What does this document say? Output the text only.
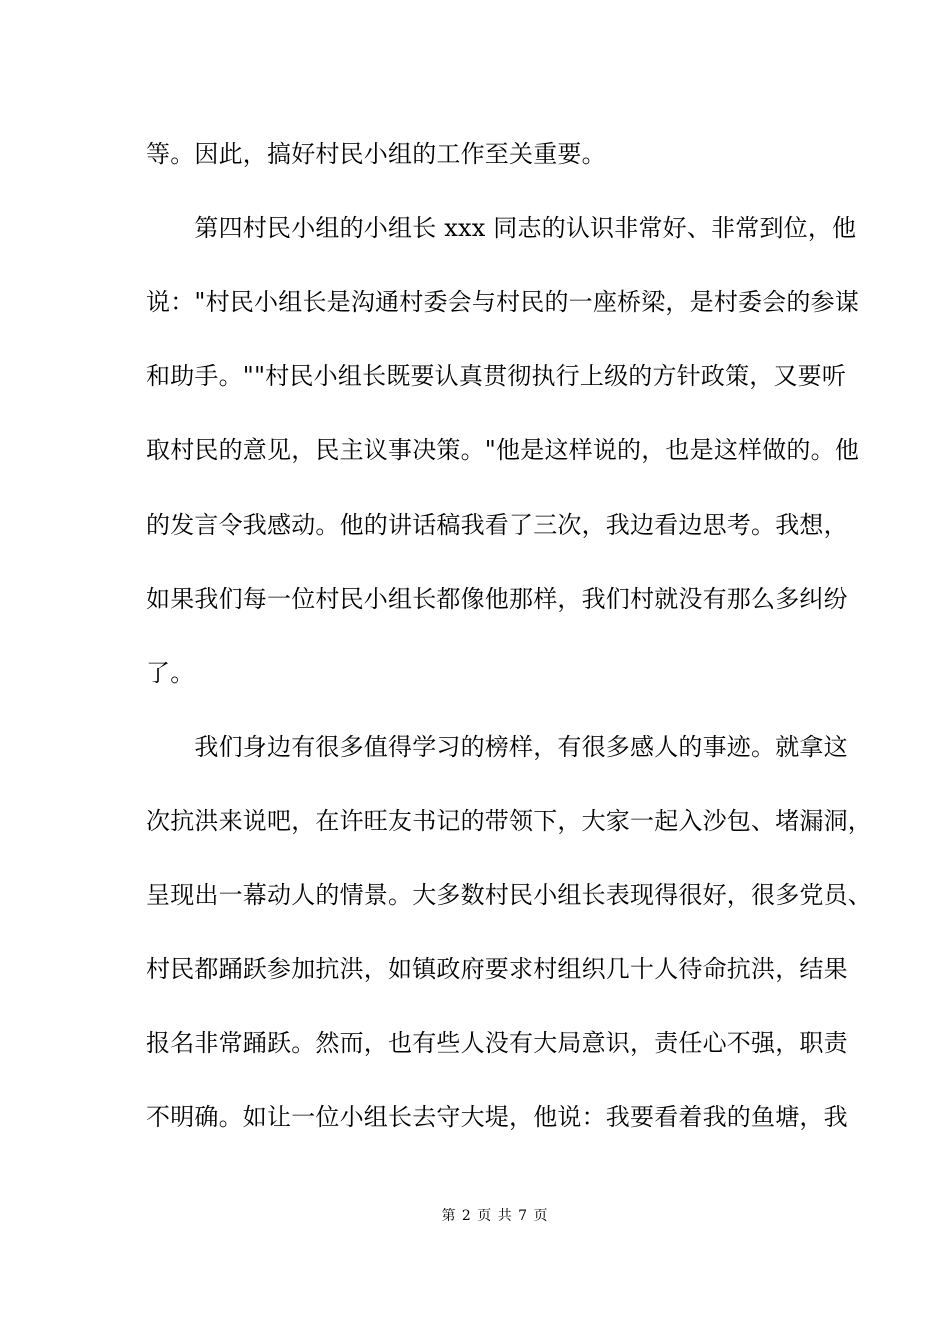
等。因此，搞好村民小组的工作至关重要。
　　第四村民小组的小组长 xxx 同志的认识非常好、非常到位，他
说："村民小组长是沟通村委会与村民的一座桥梁，是村委会的参谋
和助手。""村民小组长既要认真贯彻执行上级的方针政策，又要听
取村民的意见，民主议事决策。"他是这样说的，也是这样做的。他
的发言令我感动。他的讲话稿我看了三次，我边看边思考。我想，
如果我们每一位村民小组长都像他那样，我们村就没有那么多纠纷
了。
　　我们身边有很多值得学习的榜样，有很多感人的事迹。就拿这
次抗洪来说吧，在许旺友书记的带领下，大家一起入沙包、堵漏洞，
呈现出一幕动人的情景。大多数村民小组长表现得很好，很多党员、
村民都踊跃参加抗洪，如镇政府要求村组织几十人待命抗洪，结果
报名非常踊跃。然而，也有些人没有大局意识，责任心不强，职责
不明确。如让一位小组长去守大堤，他说：我要看着我的鱼塘，我
第 2 页 共 7 页
